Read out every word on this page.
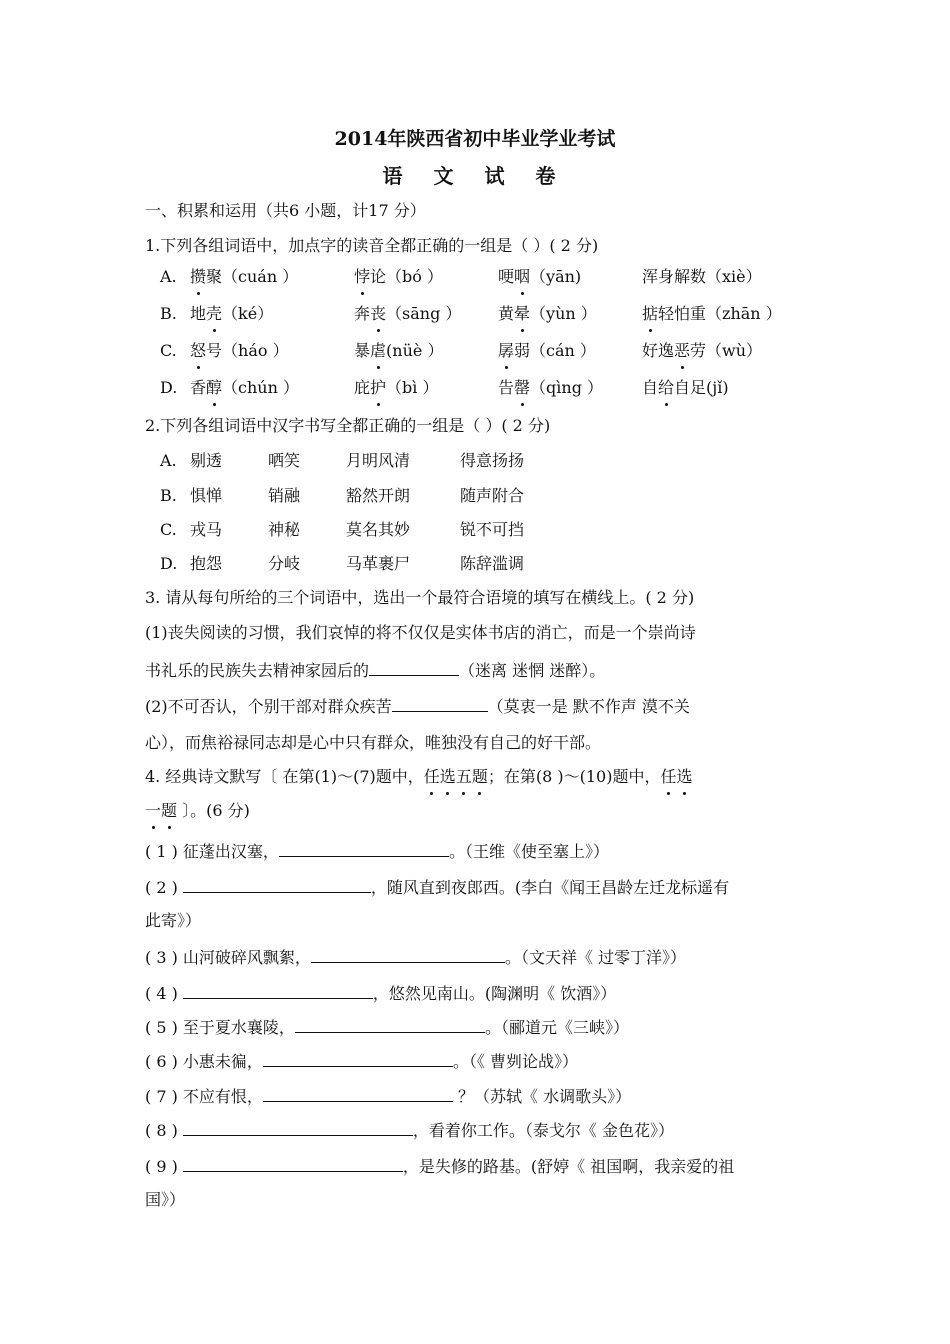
2014年陕西省初中毕业学业考试
语 文 试 卷
一、积累和运用（共6 小题，计17 分）
1.下列各组词语中，加点字的读音全都正确的一组是（ ）( 2 分)
A. 攒聚（cuán ）	悖论（bó ）	哽咽（yān)	浑身解数（xiè）
B. 地壳（ké）	奔丧（sāng ） 黄晕（yùn ）	掂轻怕重（zhān ）
C. 怒号（háo ）	暴虐(nüè ）	孱弱（cán ）	好逸恶劳（wù）
D. 香醇（chún ）	庇护（bì ）	告罄（qìng ） 自给自足(jǐ)
2.下列各组词语中汉字书写全都正确的一组是（ ）( 2 分)
A. 剔透	哂笑	月明风清	得意扬扬
B. 惧惮	销融	豁然开朗	随声附合
C. 戎马	神秘	莫名其妙	锐不可挡
D. 抱怨	分岐	马革裹尸	陈辞滥调
3. 请从每句所给的三个词语中，选出一个最符合语境的填写在横线上。( 2 分)
(1)丧失阅读的习惯，我们哀悼的将不仅仅是实体书店的消亡，而是一个崇尚诗
书礼乐的民族失去精神家园后的	（迷离 迷惘 迷醉）。
(2)不可否认，个别干部对群众疾苦	（莫衷一是 默不作声 漠不关
心），而焦裕禄同志却是心中只有群众，唯独没有自己的好干部。
4. 经典诗文默写〔 在第(1)～(7)题中，任选五题；在第(8 )～(10)题中，任选
一题 〕。(6 分)
( 1 ) 征蓬出汉塞，	。（王维《使至塞上》）
( 2 )	，随风直到夜郎西。(李白《闻王昌龄左迁龙标遥有
此寄》）
( 3 ) 山河破碎风飘絮，	。（文天祥《 过零丁洋》）
( 4 )	，悠然见南山。(陶渊明《 饮酒》）
( 5 ) 至于夏水襄陵，	。（郦道元《三峡》）
( 6 ) 小惠未徧，	。（《 曹刿论战》）
( 7 ) 不应有恨，	？（苏轼《 水调歌头》）
( 8 )	，看着你工作。（泰戈尔《 金色花》）
( 9 )	，是失修的路基。(舒婷《 祖国啊，我亲爱的祖
国》）
